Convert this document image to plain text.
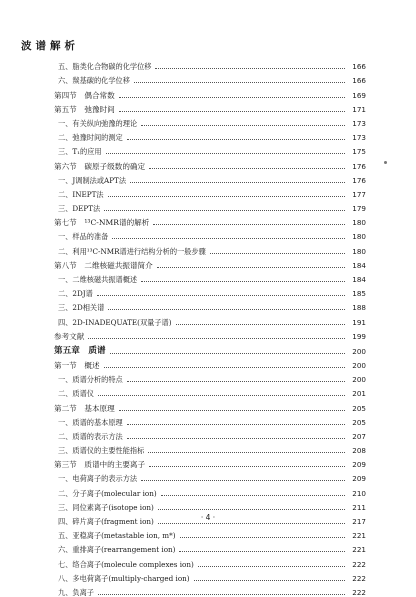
波谱解析
五、脂类化合物碳的化学位移	166
六、羰基碳的化学位移	166
第四节　偶合常数	169
第五节　弛豫时间	171
一、有关纵向弛豫的理论	173
二、弛豫时间的测定	173
三、T₁的应用	175
第六节　碳原子级数的确定	176
一、J调制法或APT法	176
二、INEPT法	177
三、DEPT法	179
第七节　¹³C-NMR谱的解析	180
一、样品的准备	180
二、利用¹³C-NMR谱进行结构分析的一般步骤	180
第八节　二维核磁共振谱简介	184
一、二维核磁共振谱概述	184
二、2DJ谱	185
三、2D相关谱	188
四、2D-INADEQUATE(双量子谱)	191
参考文献	199
第五章　质谱	200
第一节　概述	200
一、质谱分析的特点	200
二、质谱仪	201
第二节　基本原理	205
一、质谱的基本原理	205
二、质谱的表示方法	207
三、质谱仪的主要性能指标	208
第三节　质谱中的主要离子	209
一、电荷离子的表示方法	209
二、分子离子(molecular ion)	210
三、同位素离子(isotope ion)	211
四、碎片离子(fragment ion)	217
五、亚稳离子(metastable ion, m*)	221
六、重排离子(rearrangement ion)	221
七、络合离子(molecule complexes ion)	222
八、多电荷离子(multiply-charged ion)	222
九、负离子	222
· 4 ·
